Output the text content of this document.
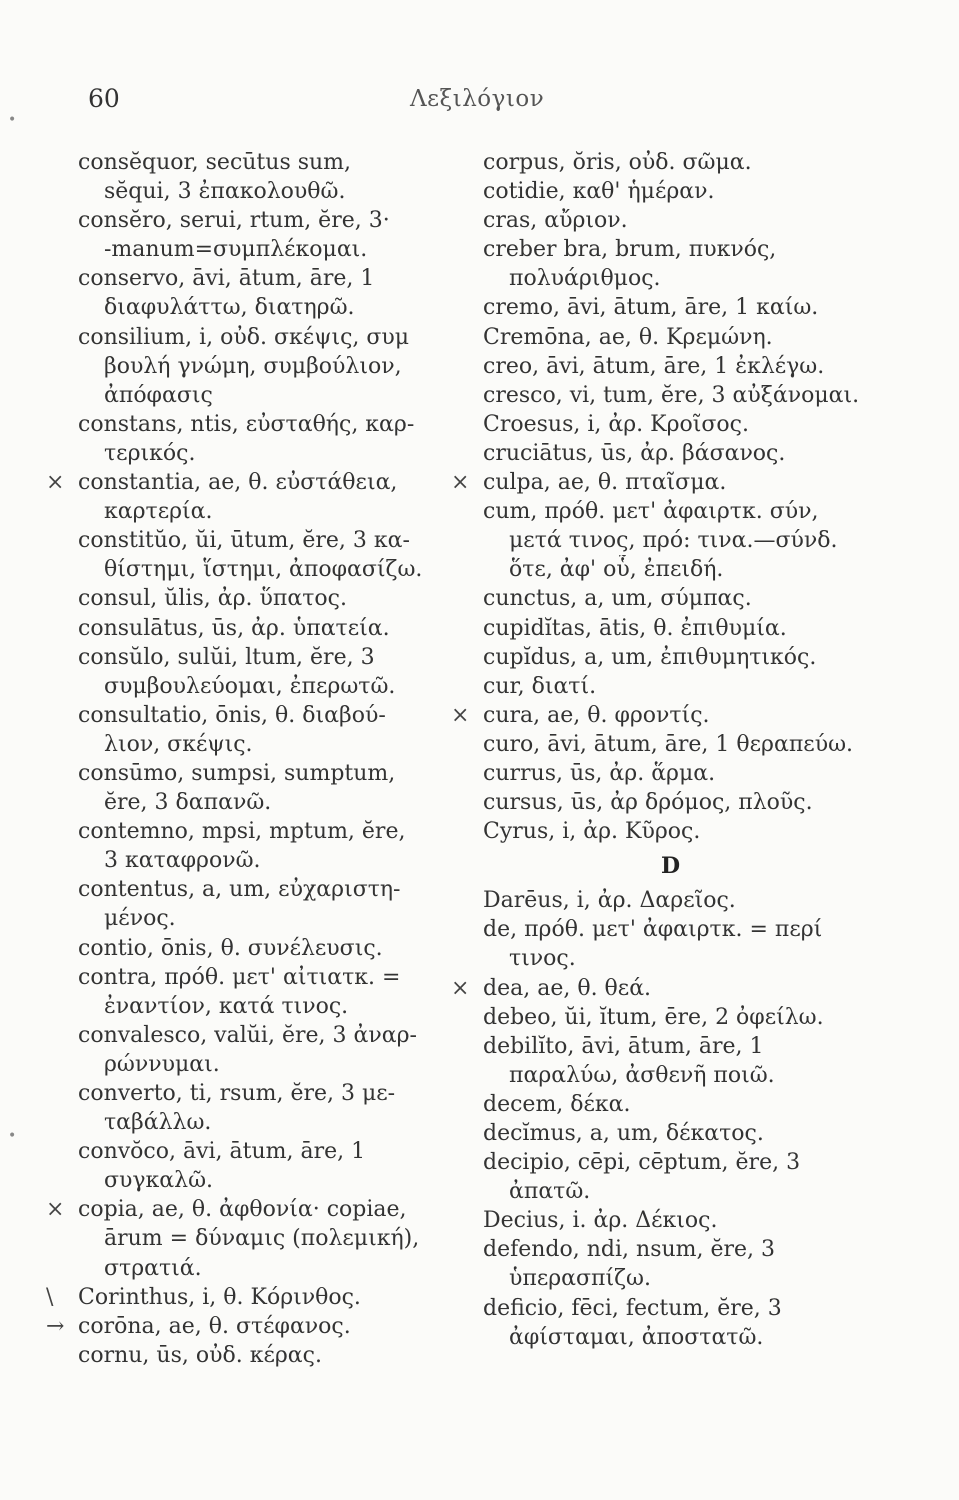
60	Λεξιλόγιον
consĕquor, secūtus sum,
sĕqui, 3 ἐπακολουθῶ.
consĕro, serui, rtum, ĕre, 3·
-manum=συμπλέκομαι.
conservo, āvi, ātum, āre, 1
διαφυλάττω, διατηρῶ.
consilium, i, οὐδ. σκέψις, συμ
βουλή γνώμη, συμβούλιον,
ἀπόφασις
constans, ntis, εὐσταθής, καρ-
τερικός.
× constantia, ae, θ. εὐστάθεια,
καρτερία.
constitŭo, ŭi, ūtum, ĕre, 3 κα-
θίστημι, ἵστημι, ἀποφασίζω.
consul, ŭlis, ἀρ. ὕπατος.
consulātus, ūs, ἀρ. ὑπατεία.
consŭlo, sulŭi, ltum, ĕre, 3
συμβουλεύομαι, ἐπερωτῶ.
consultatio, ōnis, θ. διαβού-
λιον, σκέψις.
consūmo, sumpsi, sumptum,
ĕre, 3 δαπανῶ.
contemno, mpsi, mptum, ĕre,
3 καταφρονῶ.
contentus, a, um, εὐχαριστη-
μένος.
contio, ōnis, θ. συνέλευσις.
contra, πρόθ. μετ' αἰτιατκ. =
ἐναντίον, κατά τινος.
convalesco, valŭi, ĕre, 3 ἀναρ-
ρώννυμαι.
converto, ti, rsum, ĕre, 3 με-
ταβάλλω.
convŏco, āvi, ātum, āre, 1
συγκαλῶ.
× copia, ae, θ. ἀφθονία· copiae,
ārum = δύναμις (πολεμική),
στρατιά.
\ Corinthus, i, θ. Κόρινθος.
→ corōna, ae, θ. στέφανος.
cornu, ūs, οὐδ. κέρας.
corpus, ŏris, οὐδ. σῶμα.
cotidie, καθ' ἡμέραν.
cras, αὔριον.
creber bra, brum, πυκνός,
πολυάριθμος.
cremo, āvi, ātum, āre, 1 καίω.
Cremōna, ae, θ. Κρεμώνη.
creo, āvi, ātum, āre, 1 ἐκλέγω.
cresco, vi, tum, ĕre, 3 αὐξάνομαι.
Croesus, i, ἀρ. Κροῖσος.
cruciātus, ūs, ἀρ. βάσανος.
× culpa, ae, θ. πταῖσμα.
cum, πρόθ. μετ' ἀφαιρτκ. σύν,
μετά τινος, πρό: τινα.—σύνδ.
ὅτε, ἀφ' οὗ, ἐπειδή.
cunctus, a, um, σύμπας.
cupidĭtas, ātis, θ. ἐπιθυμία.
cupĭdus, a, um, ἐπιθυμητικός.
cur, διατί.
× cura, ae, θ. φροντίς.
curo, āvi, ātum, āre, 1 θεραπεύω.
currus, ūs, ἀρ. ἅρμα.
cursus, ūs, ἀρ δρόμος, πλοῦς.
Cyrus, i, ἀρ. Κῦρος.
D
Darēus, i, ἀρ. Δαρεῖος.
de, πρόθ. μετ' ἀφαιρτκ. = περί
τινος.
× dea, ae, θ. θεά.
debeo, ŭi, ĭtum, ēre, 2 ὀφείλω.
debilĭto, āvi, ātum, āre, 1
παραλύω, ἀσθενῆ ποιῶ.
decem, δέκα.
decĭmus, a, um, δέκατος.
decipio, cēpi, cēptum, ĕre, 3
ἀπατῶ.
Decius, i. ἀρ. Δέκιος.
defendo, ndi, nsum, ĕre, 3
ὑπερασπίζω.
deficio, fēci, fectum, ĕre, 3
ἀφίσταμαι, ἀποστατῶ.
•
•
